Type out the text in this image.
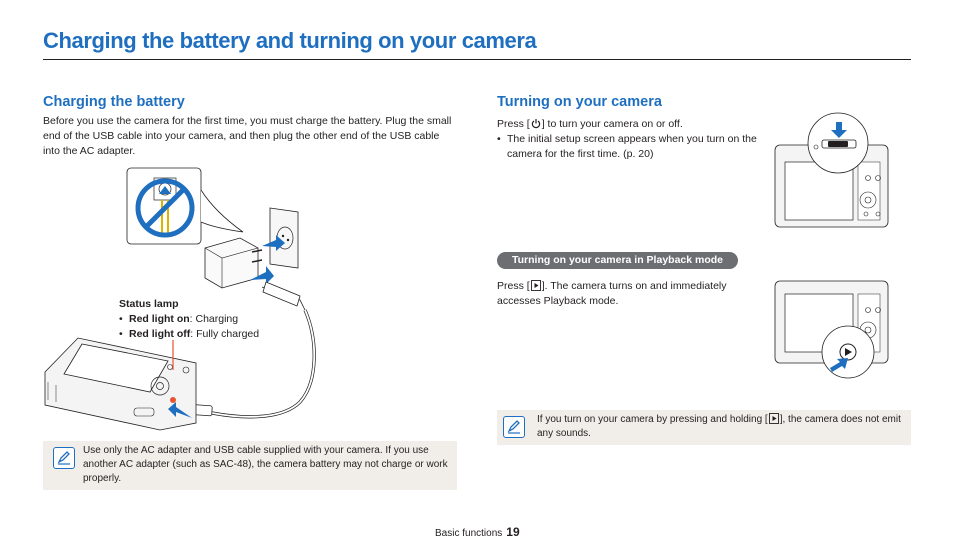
Charging the battery and turning on your camera
Charging the battery

Before you use the camera for the first time, you must charge the battery. Plug the small end of the USB cable into your camera, and then plug the other end of the USB cable into the AC adapter.

Status lamp
• Red light on: Charging
• Red light off: Fully charged

Use only the AC adapter and USB cable supplied with your camera. If you use another AC adapter (such as SAC-48), the camera battery may not charge or work properly.

Turning on your camera
Press [ ] to turn your camera on or off.
• The initial setup screen appears when you turn on the camera for the first time. (p. 20)
Turning on your camera in Playback mode
Press [ ]. The camera turns on and immediately accesses Playback mode.

If you turn on your camera by pressing and holding [ ], the camera does not emit any sounds.

Basic functions 19
